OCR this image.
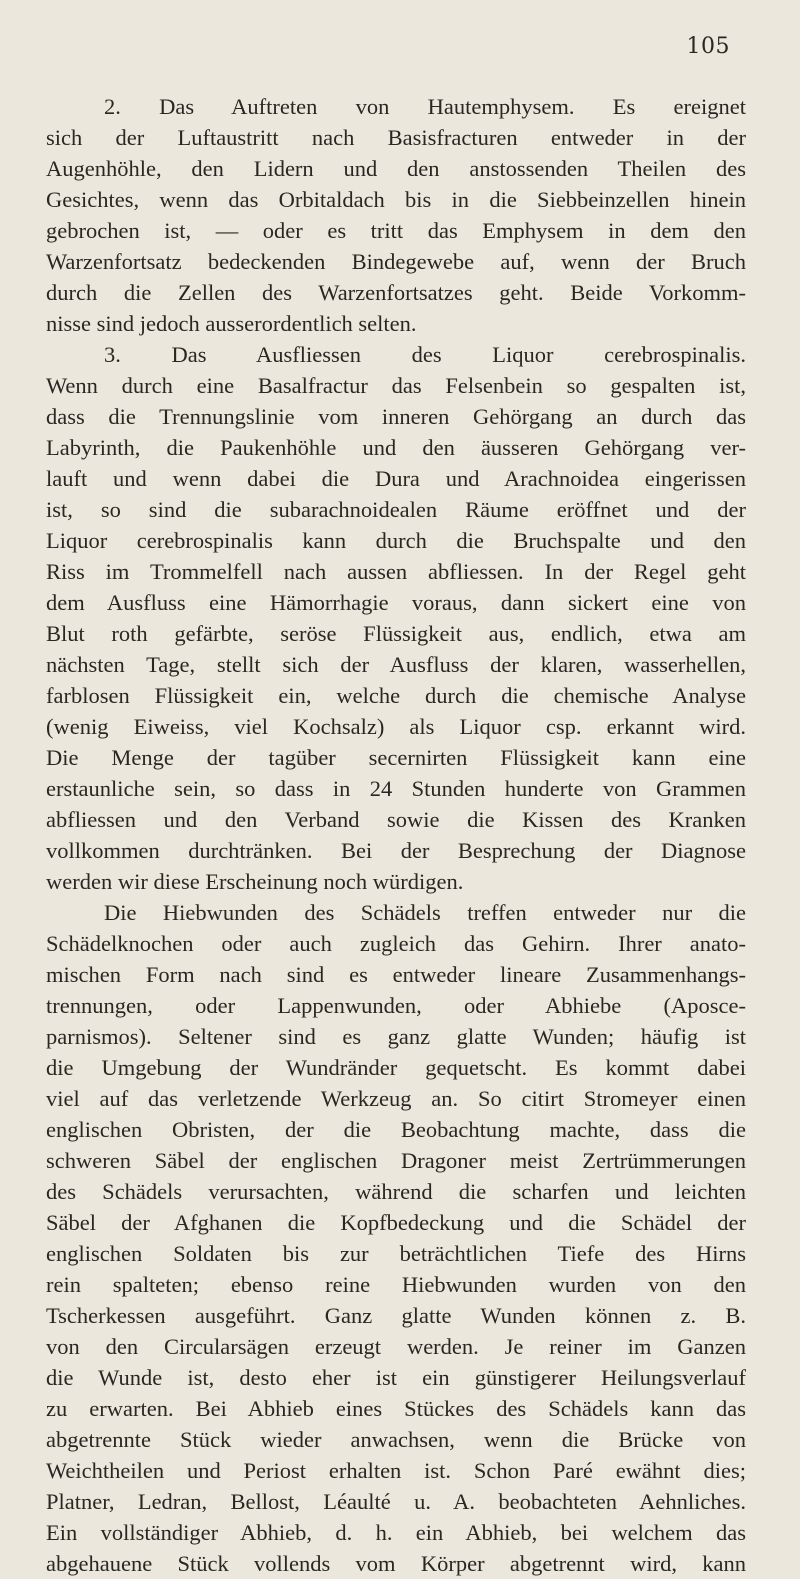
105
2. Das Auftreten von Hautemphysem. Es ereignet
sich der Luftaustritt nach Basisfracturen entweder in der
Augenhöhle, den Lidern und den anstossenden Theilen des
Gesichtes, wenn das Orbitaldach bis in die Siebbeinzellen hinein
gebrochen ist, — oder es tritt das Emphysem in dem den
Warzenfortsatz bedeckenden Bindegewebe auf, wenn der Bruch
durch die Zellen des Warzenfortsatzes geht. Beide Vorkomm-
nisse sind jedoch ausserordentlich selten.
3. Das Ausfliessen des Liquor cerebrospinalis.
Wenn durch eine Basalfractur das Felsenbein so gespalten ist,
dass die Trennungslinie vom inneren Gehörgang an durch das
Labyrinth, die Paukenhöhle und den äusseren Gehörgang ver-
lauft und wenn dabei die Dura und Arachnoidea eingerissen
ist, so sind die subarachnoidealen Räume eröffnet und der
Liquor cerebrospinalis kann durch die Bruchspalte und den
Riss im Trommelfell nach aussen abfliessen. In der Regel geht
dem Ausfluss eine Hämorrhagie voraus, dann sickert eine von
Blut roth gefärbte, seröse Flüssigkeit aus, endlich, etwa am
nächsten Tage, stellt sich der Ausfluss der klaren, wasserhellen,
farblosen Flüssigkeit ein, welche durch die chemische Analyse
(wenig Eiweiss, viel Kochsalz) als Liquor csp. erkannt wird.
Die Menge der tagüber secernirten Flüssigkeit kann eine
erstaunliche sein, so dass in 24 Stunden hunderte von Grammen
abfliessen und den Verband sowie die Kissen des Kranken
vollkommen durchtränken. Bei der Besprechung der Diagnose
werden wir diese Erscheinung noch würdigen.
Die Hiebwunden des Schädels treffen entweder nur die
Schädelknochen oder auch zugleich das Gehirn. Ihrer anato-
mischen Form nach sind es entweder lineare Zusammenhangs-
trennungen, oder Lappenwunden, oder Abhiebe (Aposce-
parnismos). Seltener sind es ganz glatte Wunden; häufig ist
die Umgebung der Wundränder gequetscht. Es kommt dabei
viel auf das verletzende Werkzeug an. So citirt Stromeyer einen
englischen Obristen, der die Beobachtung machte, dass die
schweren Säbel der englischen Dragoner meist Zertrümmerungen
des Schädels verursachten, während die scharfen und leichten
Säbel der Afghanen die Kopfbedeckung und die Schädel der
englischen Soldaten bis zur beträchtlichen Tiefe des Hirns
rein spalteten; ebenso reine Hiebwunden wurden von den
Tscherkessen ausgeführt. Ganz glatte Wunden können z. B.
von den Circularsägen erzeugt werden. Je reiner im Ganzen
die Wunde ist, desto eher ist ein günstigerer Heilungsverlauf
zu erwarten. Bei Abhieb eines Stückes des Schädels kann das
abgetrennte Stück wieder anwachsen, wenn die Brücke von
Weichtheilen und Periost erhalten ist. Schon Paré ewähnt dies;
Platner, Ledran, Bellost, Léaulté u. A. beobachteten Aehnliches.
Ein vollständiger Abhieb, d. h. ein Abhieb, bei welchem das
abgehauene Stück vollends vom Körper abgetrennt wird, kann
